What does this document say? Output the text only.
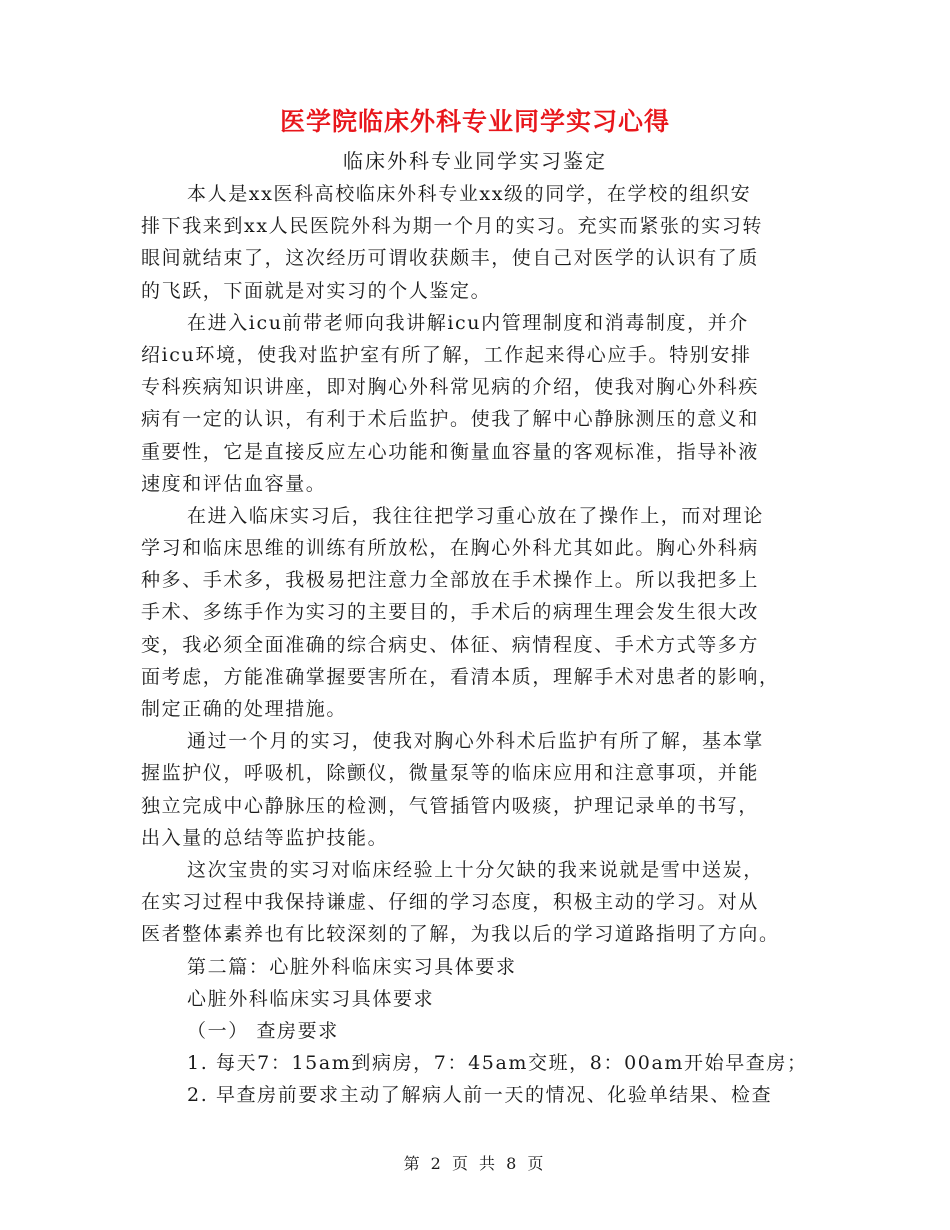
医学院临床外科专业同学实习心得
临床外科专业同学实习鉴定
本人是xx医科高校临床外科专业xx级的同学，在学校的组织安
排下我来到xx人民医院外科为期一个月的实习。充实而紧张的实习转
眼间就结束了，这次经历可谓收获颇丰，使自己对医学的认识有了质
的飞跃，下面就是对实习的个人鉴定。
在进入icu前带老师向我讲解icu内管理制度和消毒制度，并介
绍icu环境，使我对监护室有所了解，工作起来得心应手。特别安排
专科疾病知识讲座，即对胸心外科常见病的介绍，使我对胸心外科疾
病有一定的认识，有利于术后监护。使我了解中心静脉测压的意义和
重要性，它是直接反应左心功能和衡量血容量的客观标准，指导补液
速度和评估血容量。
在进入临床实习后，我往往把学习重心放在了操作上，而对理论
学习和临床思维的训练有所放松，在胸心外科尤其如此。胸心外科病
种多、手术多，我极易把注意力全部放在手术操作上。所以我把多上
手术、多练手作为实习的主要目的，手术后的病理生理会发生很大改
变，我必须全面准确的综合病史、体征、病情程度、手术方式等多方
面考虑，方能准确掌握要害所在，看清本质，理解手术对患者的影响，
制定正确的处理措施。
通过一个月的实习，使我对胸心外科术后监护有所了解，基本掌
握监护仪，呼吸机，除颤仪，微量泵等的临床应用和注意事项，并能
独立完成中心静脉压的检测，气管插管内吸痰，护理记录单的书写，
出入量的总结等监护技能。
这次宝贵的实习对临床经验上十分欠缺的我来说就是雪中送炭，
在实习过程中我保持谦虚、仔细的学习态度，积极主动的学习。对从
医者整体素养也有比较深刻的了解，为我以后的学习道路指明了方向。
第二篇：心脏外科临床实习具体要求
心脏外科临床实习具体要求
（一） 查房要求
1. 每天7：15am到病房，7：45am交班，8：00am开始早查房；
2. 早查房前要求主动了解病人前一天的情况、化验单结果、检查
第 2 页 共 8 页
